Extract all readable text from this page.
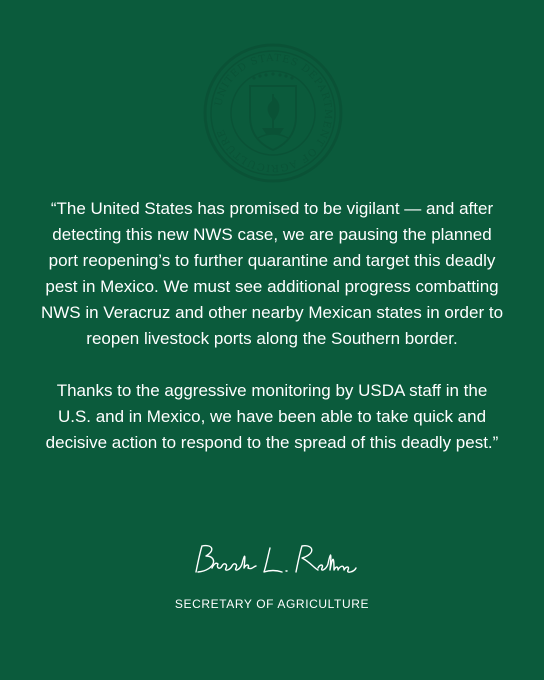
UNITED STATES DEPARTMENT OF AGRICULTURE

“The United States has promised to be vigilant — and after detecting this new NWS case, we are pausing the planned port reopening’s to further quarantine and target this deadly pest in Mexico. We must see additional progress combatting NWS in Veracruz and other nearby Mexican states in order to reopen livestock ports along the Southern border.

Thanks to the aggressive monitoring by USDA staff in the U.S. and in Mexico, we have been able to take quick and decisive action to respond to the spread of this deadly pest.”

SECRETARY OF AGRICULTURE
